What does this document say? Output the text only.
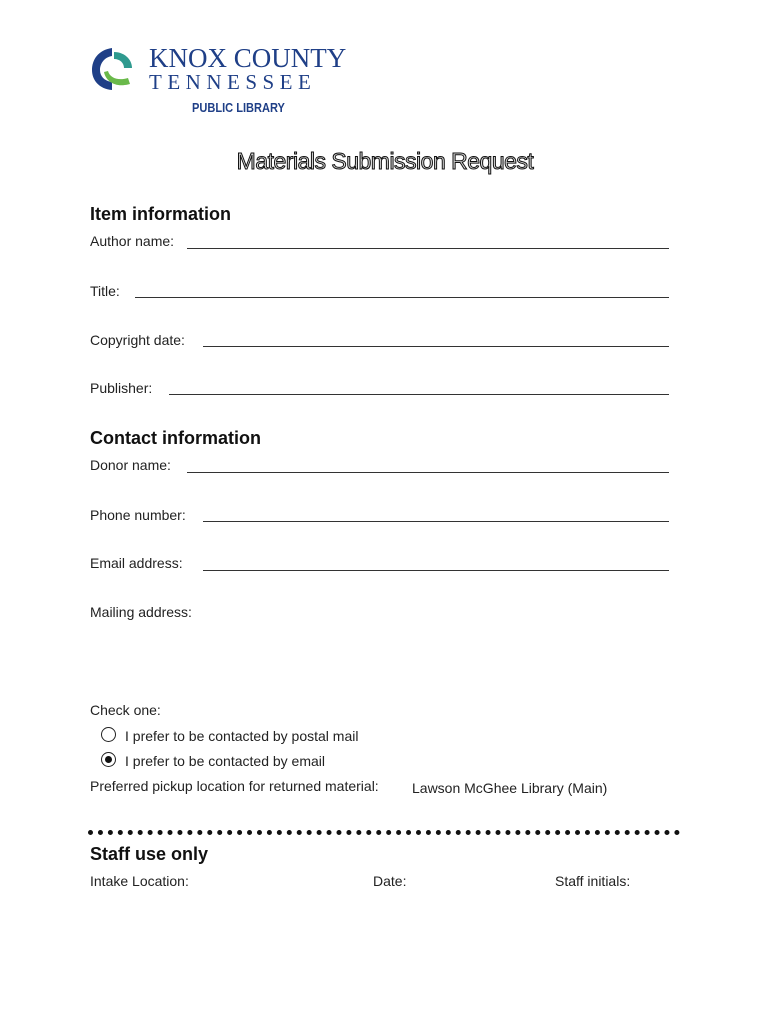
KNOX COUNTY
TENNESSEE
PUBLIC LIBRARY
Materials Submission Request
Item information
Author name:
Title:
Copyright date:
Publisher:
Contact information
Donor name:
Phone number:
Email address:
Mailing address:
Check one:
I prefer to be contacted by postal mail
I prefer to be contacted by email
Preferred pickup location for returned material: Lawson McGhee Library (Main)
Staff use only
Intake Location:	Date:	Staff initials:
